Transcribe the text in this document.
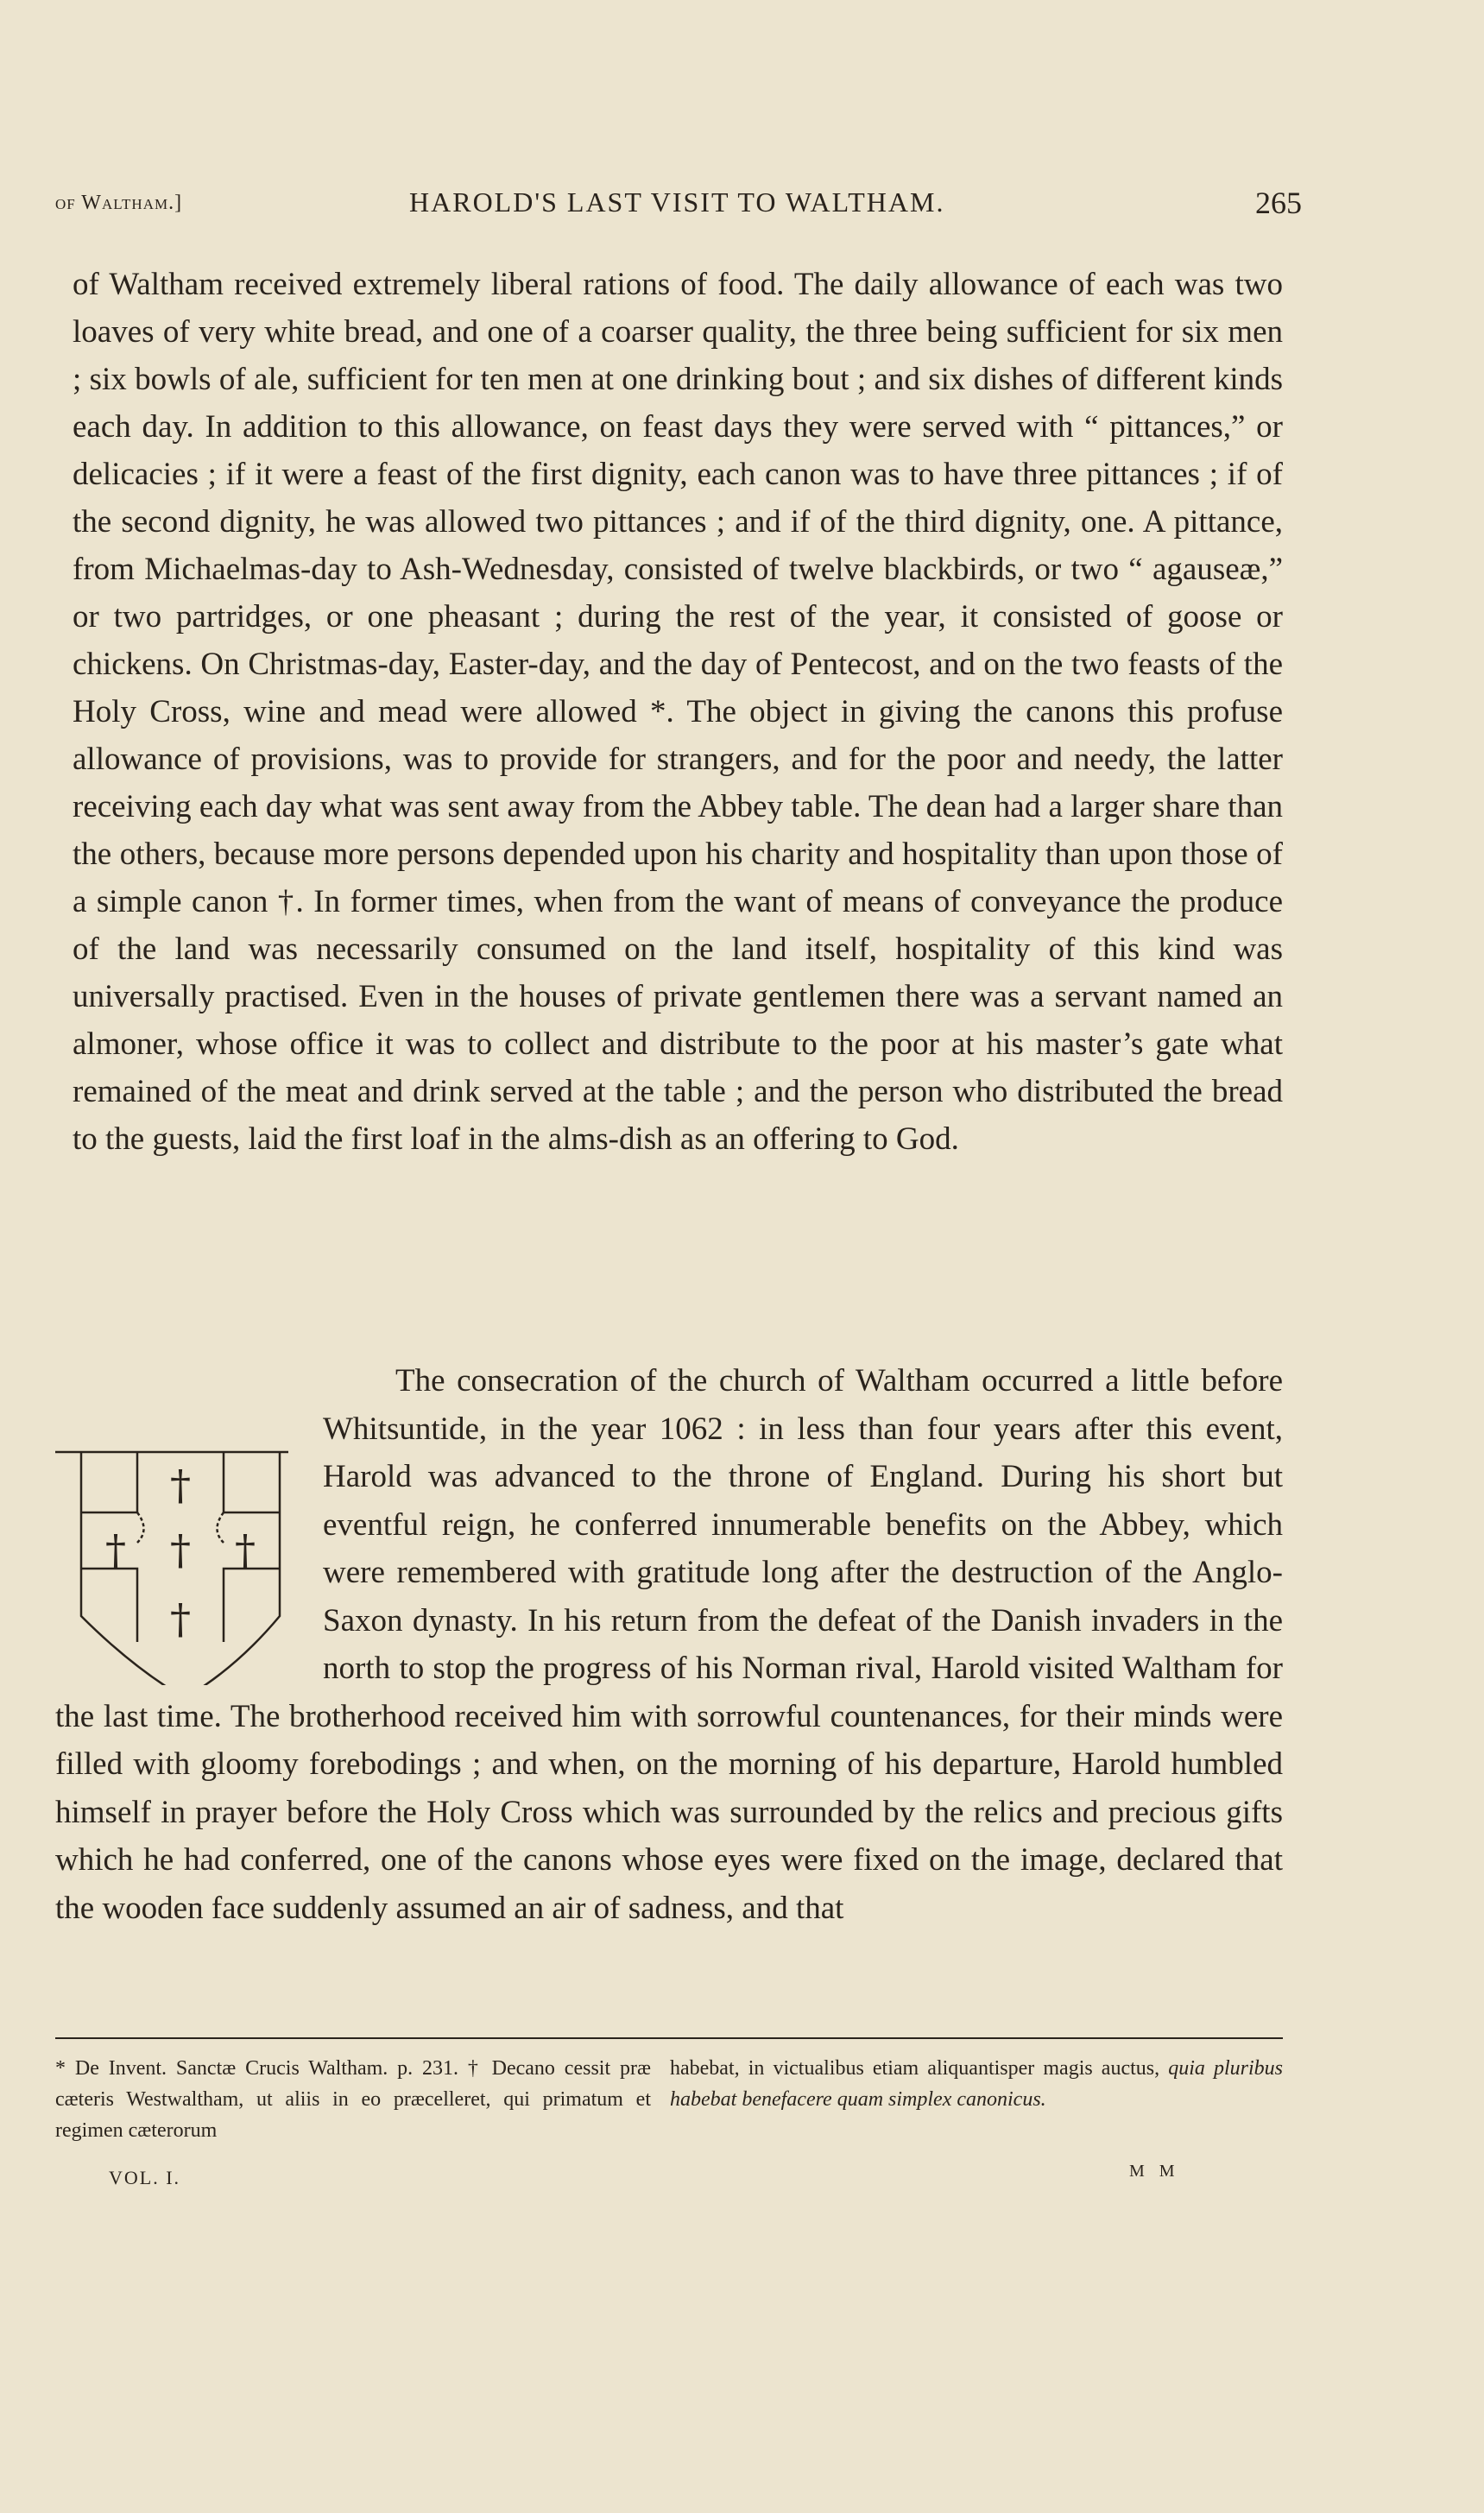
of Waltham.]	HAROLD'S LAST VISIT TO WALTHAM.	265

of Waltham received extremely liberal rations of food. The daily allowance of each was two loaves of very white bread, and one of a coarser quality, the three being sufficient for six men ; six bowls of ale, sufficient for ten men at one drinking bout ; and six dishes of different kinds each day. In addition to this allowance, on feast days they were served with “ pittances,” or delicacies ; if it were a feast of the first dignity, each canon was to have three pittances ; if of the second dignity, he was allowed two pittances ; and if of the third dignity, one. A pittance, from Michaelmas-day to Ash-Wednesday, consisted of twelve blackbirds, or two “ agauseæ,” or two partridges, or one pheasant ; during the rest of the year, it consisted of goose or chickens. On Christmas-day, Easter-day, and the day of Pentecost, and on the two feasts of the Holy Cross, wine and mead were allowed *. The object in giving the canons this profuse allowance of provisions, was to provide for strangers, and for the poor and needy, the latter receiving each day what was sent away from the Abbey table. The dean had a larger share than the others, because more persons depended upon his charity and hospitality than upon those of a simple canon †. In former times, when from the want of means of conveyance the produce of the land was necessarily consumed on the land itself, hospitality of this kind was universally practised. Even in the houses of private gentlemen there was a servant named an almoner, whose office it was to collect and distribute to the poor at his master’s gate what remained of the meat and drink served at the table ; and the person who distributed the bread to the guests, laid the first loaf in the alms-dish as an offering to God.

†
† † †
†

The consecration of the church of Waltham occurred a little before Whitsuntide, in the year 1062 : in less than four years after this event, Harold was advanced to the throne of England. During his short but eventful reign, he conferred innumerable benefits on the Abbey, which were remembered with gratitude long after the destruction of the Anglo-Saxon dynasty. In his return from the defeat of the Danish invaders in the north to stop the progress of his Norman rival, Harold visited Waltham for the last time. The brotherhood received him with sorrowful countenances, for their minds were filled with gloomy forebodings ; and when, on the morning of his departure, Harold humbled himself in prayer before the Holy Cross which was surrounded by the relics and precious gifts which he had conferred, one of the canons whose eyes were fixed on the image, declared that the wooden face suddenly assumed an air of sadness, and that

* De Invent. Sanctæ Crucis Waltham. p. 231. † Decano cessit præ cæteris Westwaltham, ut aliis in eo præcelleret, qui primatum et regimen cæterorum
habebat, in victualibus etiam aliquantisper magis auctus, quia pluribus habebat benefacere quam simplex canonicus.
VOL. I.	M M
